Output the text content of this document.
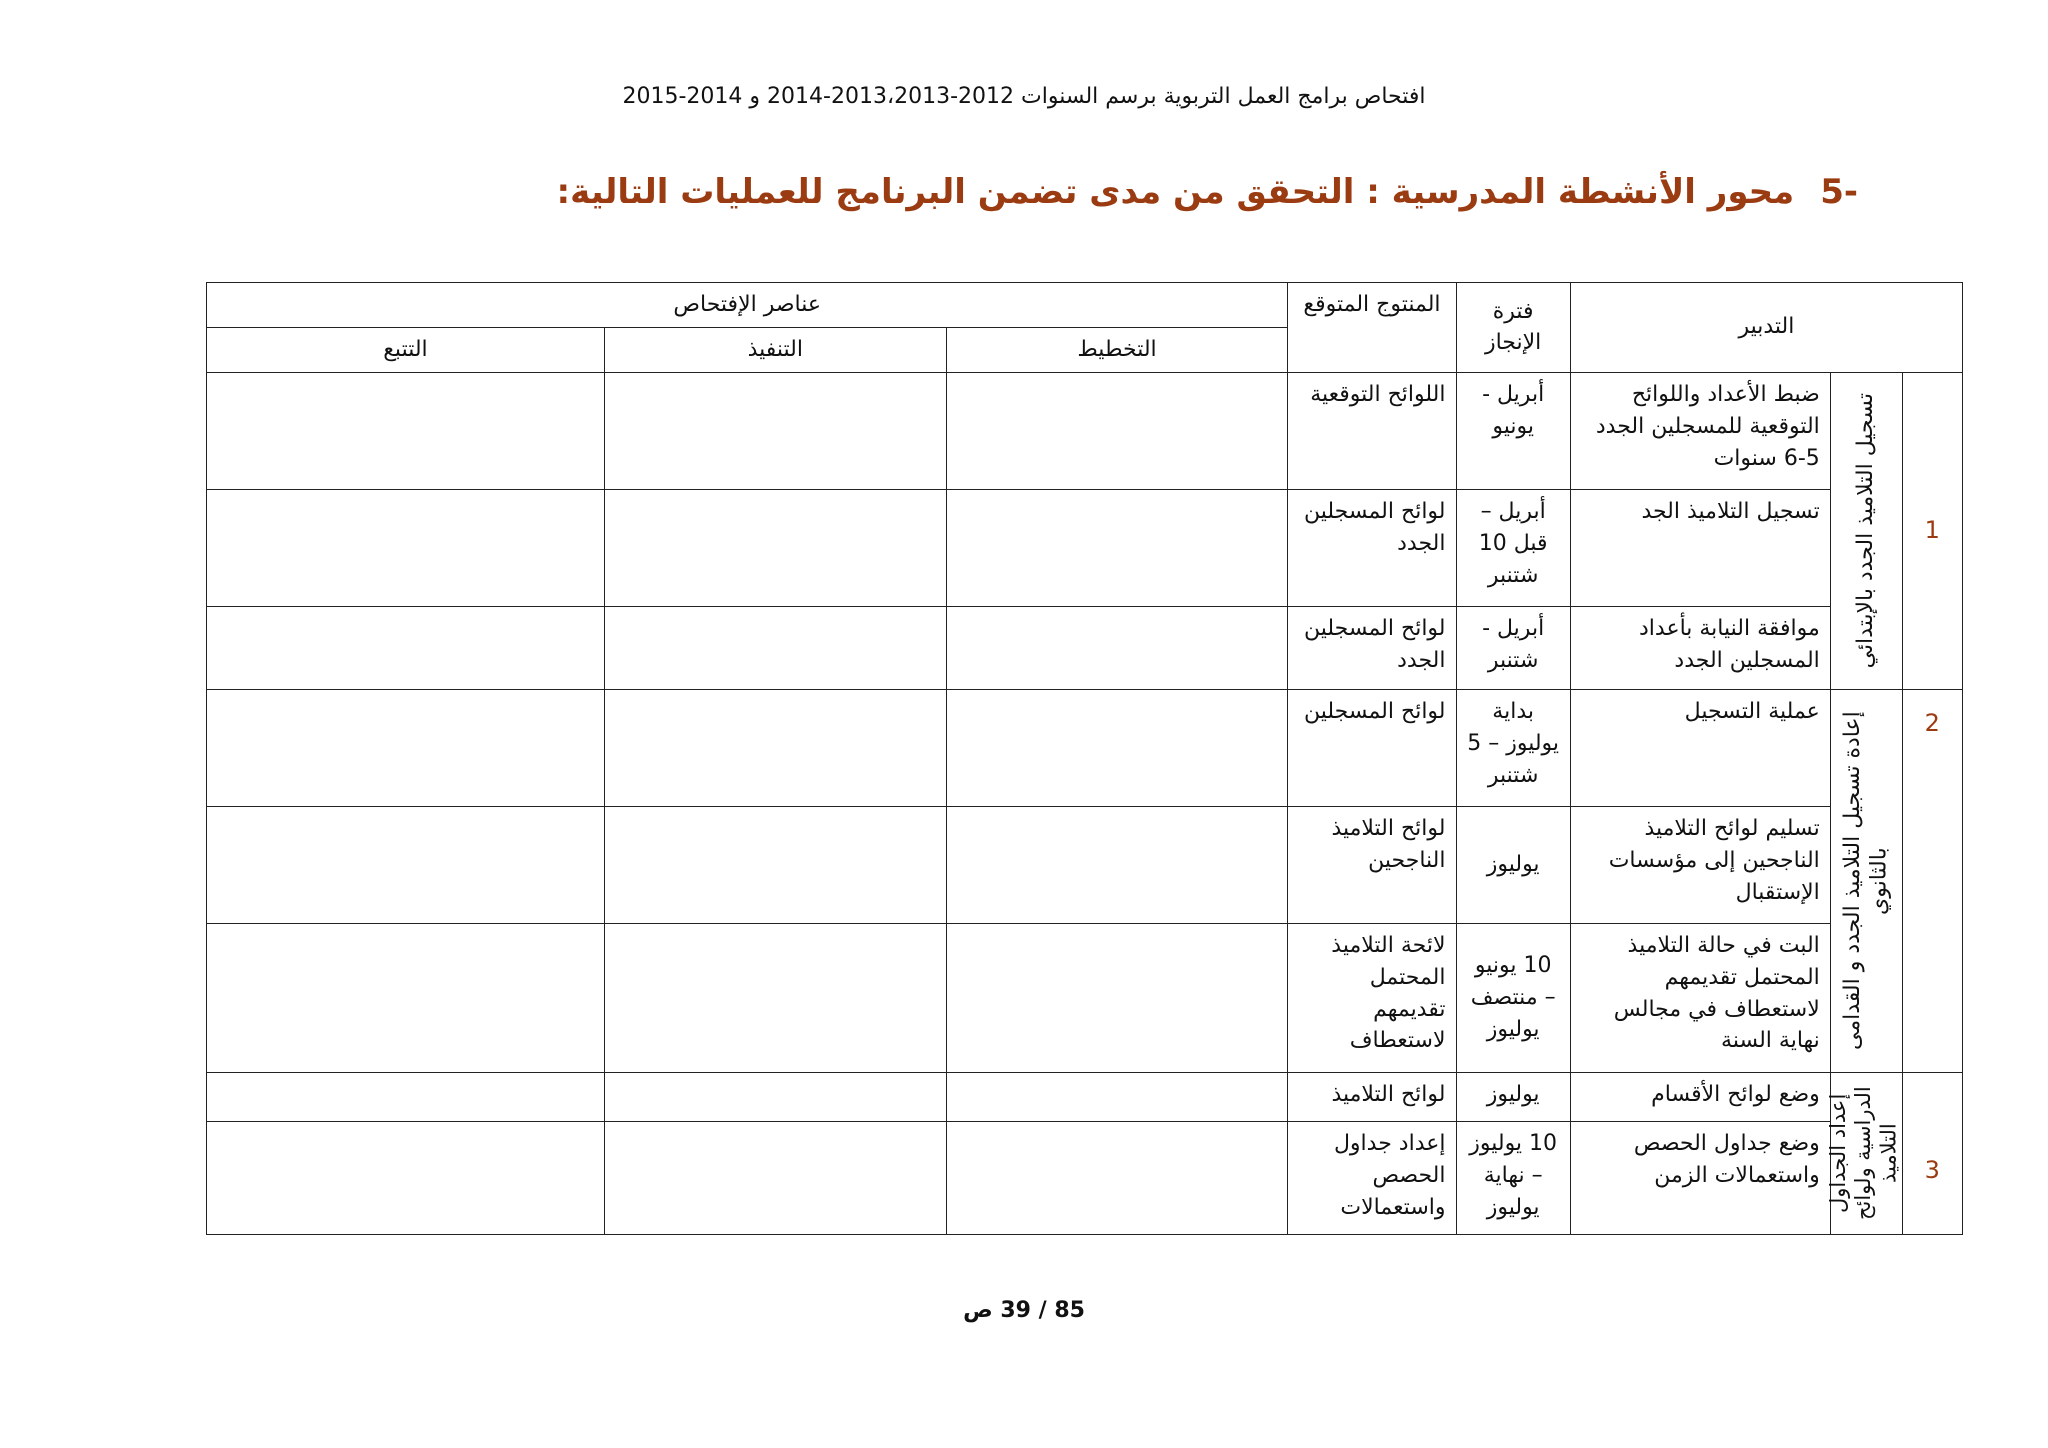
افتحاص برامج العمل التربوية برسم السنوات 2012-2013،2013-2014 و 2014-2015
-5محور الأنشطة المدرسية : التحقق من مدى تضمن البرنامج للعمليات التالية:
التدبير			فترة الإنجاز	المنتوج المتوقع	عناصر الإفتحاص		
					التخطيط	التنفيذ	التتبع
1	تسجيل التلاميذ الجدد بالإبتدائي	ضبط الأعداد واللوائح التوقعية للمسجلين الجدد 5-6 سنوات	أبريل - يونيو	اللوائح التوقعية			
		تسجيل التلاميذ الجد	أبريل – قبل 10 شتنبر	لوائح المسجلين الجدد			
		موافقة النيابة بأعداد المسجلين الجدد	أبريل - شتنبر	لوائح المسجلين الجدد			
2	إعادة تسجيل التلاميذ الجدد و القدامى بالثانوي	عملية التسجيل	بداية يوليوز – 5 شتنبر	لوائح المسجلين			
		تسليم لوائح التلاميذ الناجحين إلى مؤسسات الإستقبال	يوليوز	لوائح التلاميذ الناجحين			
		البت في حالة التلاميذ المحتمل تقديمهم لاستعطاف في مجالس نهاية السنة	10 يونيو – منتصف يوليوز	لائحة التلاميذ المحتمل تقديمهم لاستعطاف			
3	إعداد الجداول الدراسية ولوائح التلاميذ	وضع لوائح الأقسام	يوليوز	لوائح التلاميذ			
		وضع جداول الحصص واستعمالات الزمن	10 يوليوز – نهاية يوليوز	إعداد جداول الحصص واستعمالات			
85 / 39 ص
